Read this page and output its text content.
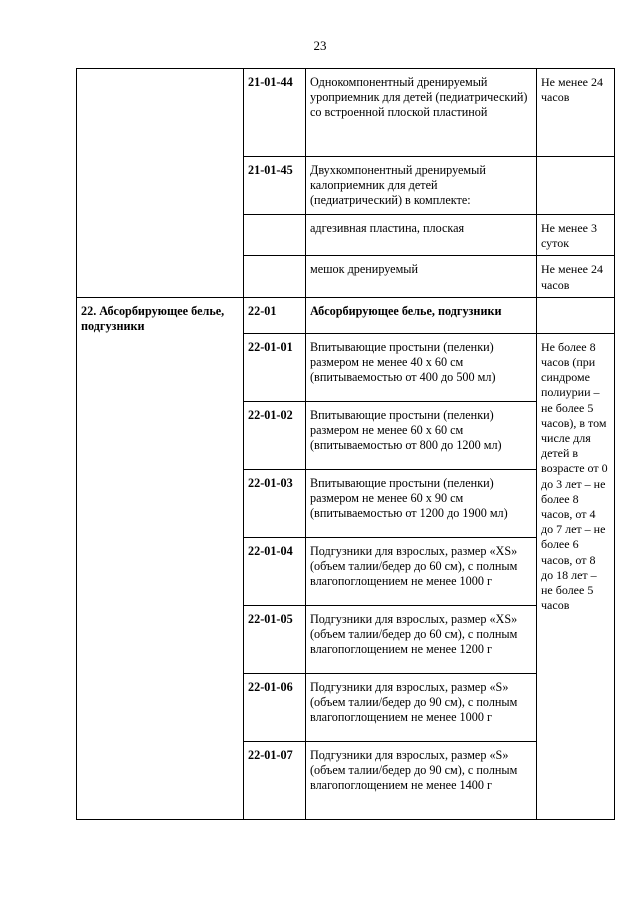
23
	21-01-44	Однокомпонентный дренируемый уроприемник для детей (педиатрический) со встроенной плоской пластиной	Не менее 24 часов
	21-01-45	Двухкомпонентный дренируемый калоприемник для детей (педиатрический) в комплекте:	
		адгезивная пластина, плоская	Не менее 3 суток
		мешок дренируемый	Не менее 24 часов
22. Абсорбирующее белье, подгузники	22-01	Абсорбирующее белье, подгузники	
	22-01-01	Впитывающие простыни (пеленки) размером не менее 40 х 60 см (впитываемостью от 400 до 500 мл)	Не более 8 часов (при синдроме полиурии – не более 5 часов), в том числе для детей в возрасте от 0 до 3 лет – не более 8 часов, от 4 до 7 лет – не более 6 часов, от 8 до 18 лет – не более 5 часов
	22-01-02	Впитывающие простыни (пеленки) размером не менее 60 х 60 см (впитываемостью от 800 до 1200 мл)	
	22-01-03	Впитывающие простыни (пеленки) размером не менее 60 х 90 см (впитываемостью от 1200 до 1900 мл)	
	22-01-04	Подгузники для взрослых, размер «XS» (объем талии/бедер до 60 см), с полным влагопоглощением не менее 1000 г	
	22-01-05	Подгузники для взрослых, размер «XS» (объем талии/бедер до 60 см), с полным влагопоглощением не менее 1200 г	
	22-01-06	Подгузники для взрослых, размер «S» (объем талии/бедер до 90 см), с полным влагопоглощением не менее 1000 г	
	22-01-07	Подгузники для взрослых, размер «S» (объем талии/бедер до 90 см), с полным влагопоглощением не менее 1400 г	
